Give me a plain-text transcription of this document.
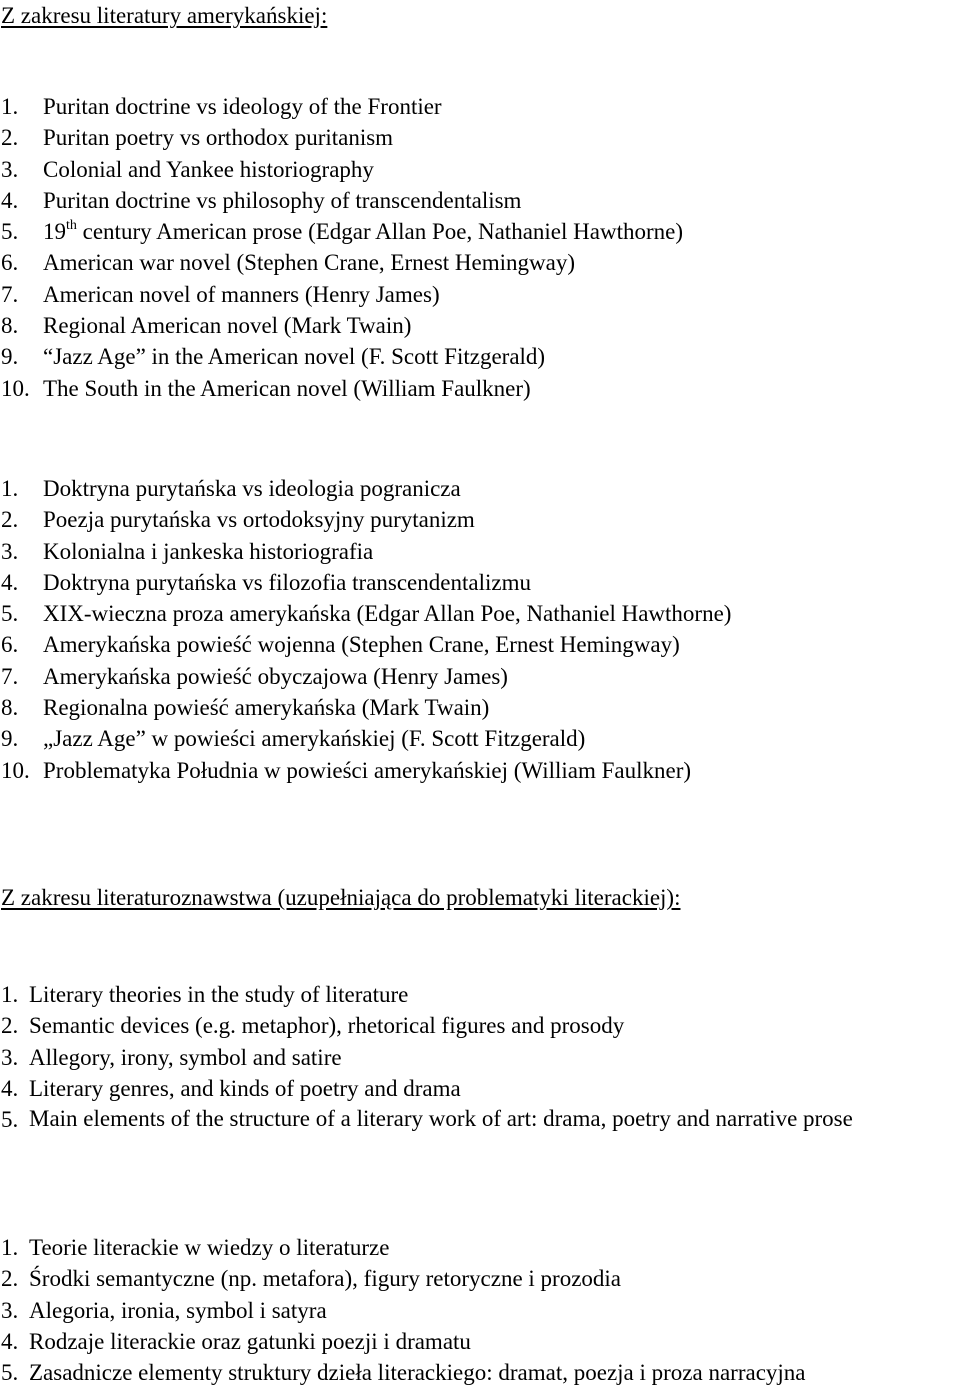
Z zakresu literatury amerykańskiej:
1. Puritan doctrine vs ideology of the Frontier
2. Puritan poetry vs orthodox puritanism
3. Colonial and Yankee historiography
4. Puritan doctrine vs philosophy of transcendentalism
5. 19th century American prose (Edgar Allan Poe, Nathaniel Hawthorne)
6. American war novel (Stephen Crane, Ernest Hemingway)
7. American novel of manners (Henry James)
8. Regional American novel (Mark Twain)
9. “Jazz Age” in the American novel (F. Scott Fitzgerald)
10. The South in the American novel (William Faulkner)
1. Doktryna purytańska vs ideologia pogranicza
2. Poezja purytańska vs ortodoksyjny purytanizm
3. Kolonialna i jankeska historiografia
4. Doktryna purytańska vs filozofia transcendentalizmu
5. XIX-wieczna proza amerykańska (Edgar Allan Poe, Nathaniel Hawthorne)
6. Amerykańska powieść wojenna (Stephen Crane, Ernest Hemingway)
7. Amerykańska powieść obyczajowa (Henry James)
8. Regionalna powieść amerykańska (Mark Twain)
9. „Jazz Age” w powieści amerykańskiej (F. Scott Fitzgerald)
10. Problematyka Południa w powieści amerykańskiej (William Faulkner)
Z zakresu literaturoznawstwa (uzupełniająca do problematyki literackiej):
1. Literary theories in the study of literature
2. Semantic devices (e.g. metaphor), rhetorical figures and prosody
3. Allegory, irony, symbol and satire
4. Literary genres, and kinds of poetry and drama
5. Main elements of the structure of a literary work of art: drama, poetry and narrative prose
1. Teorie literackie w wiedzy o literaturze
2. Środki semantyczne (np. metafora), figury retoryczne i prozodia
3. Alegoria, ironia, symbol i satyra
4. Rodzaje literackie oraz gatunki poezji i dramatu
5. Zasadnicze elementy struktury dzieła literackiego: dramat, poezja i proza narracyjna
